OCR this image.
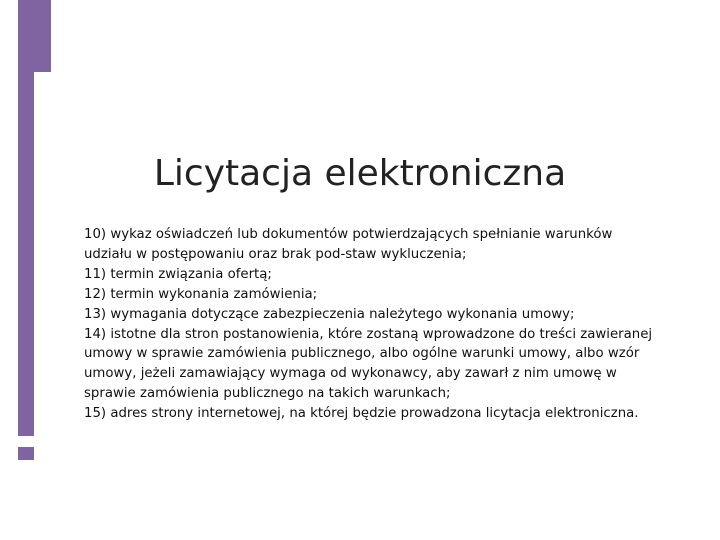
Licytacja elektroniczna

10) wykaz oświadczeń lub dokumentów potwierdzających spełnianie warunków udziału w postępowaniu oraz brak pod-staw wykluczenia;

11) termin związania ofertą;

12) termin wykonania zamówienia;

13) wymagania dotyczące zabezpieczenia należytego wykonania umowy;

14) istotne dla stron postanowienia, które zostaną wprowadzone do treści zawieranej umowy w sprawie zamówienia publicznego, albo ogólne warunki umowy, albo wzór umowy, jeżeli zamawiający wymaga od wykonawcy, aby zawarł z nim umowę w sprawie zamówienia publicznego na takich warunkach;

15) adres strony internetowej, na której będzie prowadzona licytacja elektroniczna.
